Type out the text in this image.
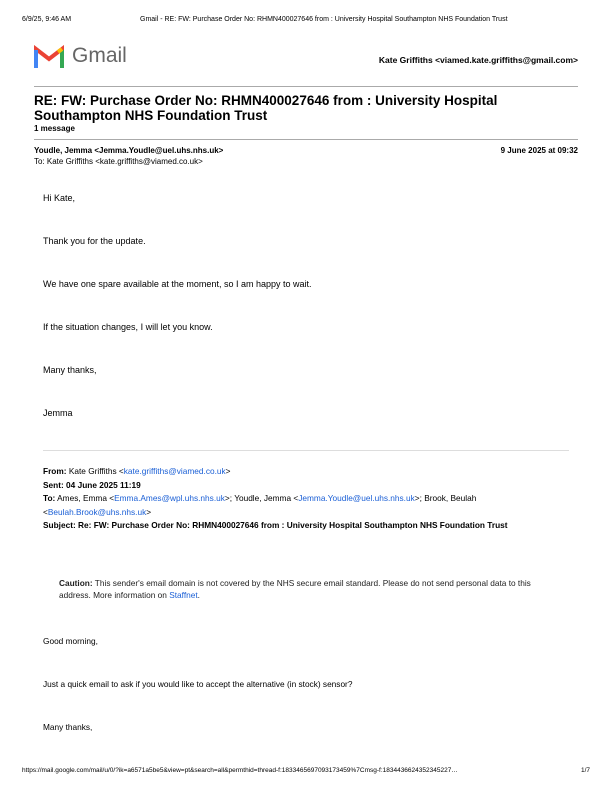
6/9/25, 9:46 AM	Gmail - RE: FW: Purchase Order No: RHMN400027646 from : University Hospital Southampton NHS Foundation Trust
Gmail	Kate Griffiths <viamed.kate.griffiths@gmail.com>
RE: FW: Purchase Order No: RHMN400027646 from : University Hospital Southampton NHS Foundation Trust
1 message
Youdle, Jemma <Jemma.Youdle@uel.uhs.nhs.uk>
To: Kate Griffiths <kate.griffiths@viamed.co.uk>
9 June 2025 at 09:32
Hi Kate,
Thank you for the update.
We have one spare available at the moment, so I am happy to wait.
If the situation changes, I will let you know.
Many thanks,
Jemma
From: Kate Griffiths <kate.griffiths@viamed.co.uk>
Sent: 04 June 2025 11:19
To: Ames, Emma <Emma.Ames@wpl.uhs.nhs.uk>; Youdle, Jemma <Jemma.Youdle@uel.uhs.nhs.uk>; Brook, Beulah <Beulah.Brook@uhs.nhs.uk>
Subject: Re: FW: Purchase Order No: RHMN400027646 from : University Hospital Southampton NHS Foundation Trust
Caution: This sender's email domain is not covered by the NHS secure email standard. Please do not send personal data to this address. More information on Staffnet.
Good morning,
Just a quick email to ask if you would like to accept the alternative (in stock) sensor?
Many thanks,
https://mail.google.com/mail/u/0/?ik=a6571a5be5&view=pt&search=all&permthid=thread-f:1833465697093173459%7Cmsg-f:1834436624352345227…	1/7
